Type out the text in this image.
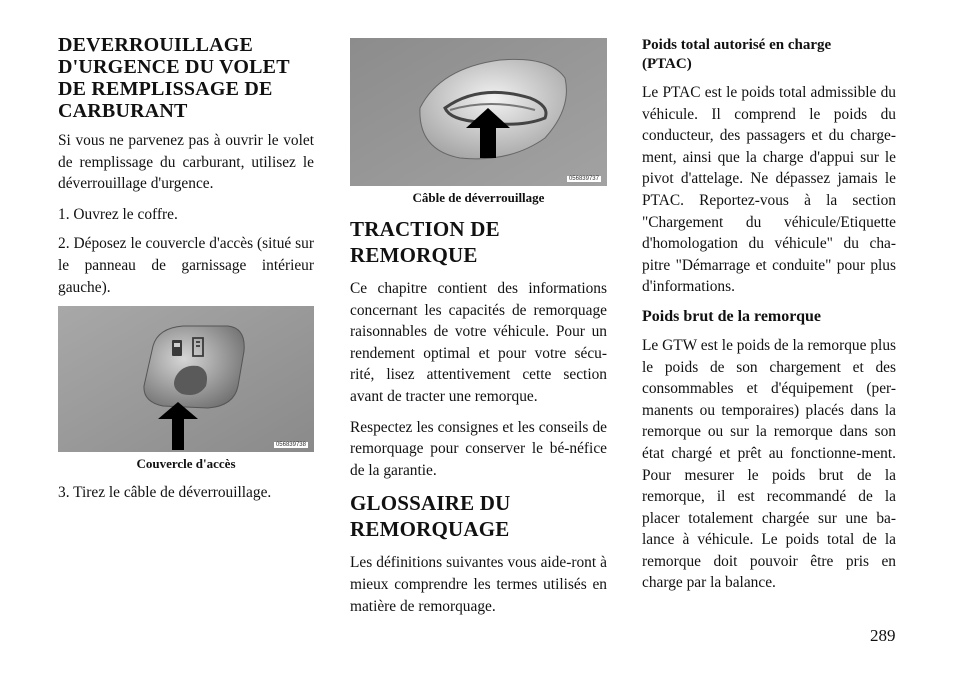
DEVERROUILLAGE
D'URGENCE DU VOLET
DE REMPLISSAGE DE
CARBURANT

Si vous ne parvenez pas à ouvrir le volet de remplissage du carburant, utilisez le déverrouillage d'urgence.

1. Ouvrez le coffre.

2. Déposez le couvercle d'accès (situé sur le panneau de garnissage intérieur gauche).

056839738
Couvercle d'accès

3. Tirez le câble de déverrouillage.

056839737
Câble de déverrouillage
TRACTION DE
REMORQUE

Ce chapitre contient des informations concernant les capacités de remorquage raisonnables de votre véhicule. Pour un rendement optimal et pour votre sécu-rité, lisez attentivement cette section avant de tracter une remorque.

Respectez les consignes et les conseils de remorquage pour conserver le bé-néfice de la garantie.

GLOSSAIRE DU
REMORQUAGE

Les définitions suivantes vous aide-ront à mieux comprendre les termes utilisés en matière de remorquage.

Poids total autorisé en charge
(PTAC)

Le PTAC est le poids total admissible du véhicule. Il comprend le poids du conducteur, des passagers et du charge-ment, ainsi que la charge d'appui sur le pivot d'attelage. Ne dépassez jamais le PTAC. Reportez-vous à la section "Chargement du véhicule/Etiquette d'homologation du véhicule" du cha-pitre "Démarrage et conduite" pour plus d'informations.

Poids brut de la remorque

Le GTW est le poids de la remorque plus le poids de son chargement et des consommables et d'équipement (per-manents ou temporaires) placés dans la remorque ou sur la remorque dans son état chargé et prêt au fonctionne-ment. Pour mesurer le poids brut de la remorque, il est recommandé de la placer totalement chargée sur une ba-lance à véhicule. Le poids total de la remorque doit pouvoir être pris en charge par la balance.

289
